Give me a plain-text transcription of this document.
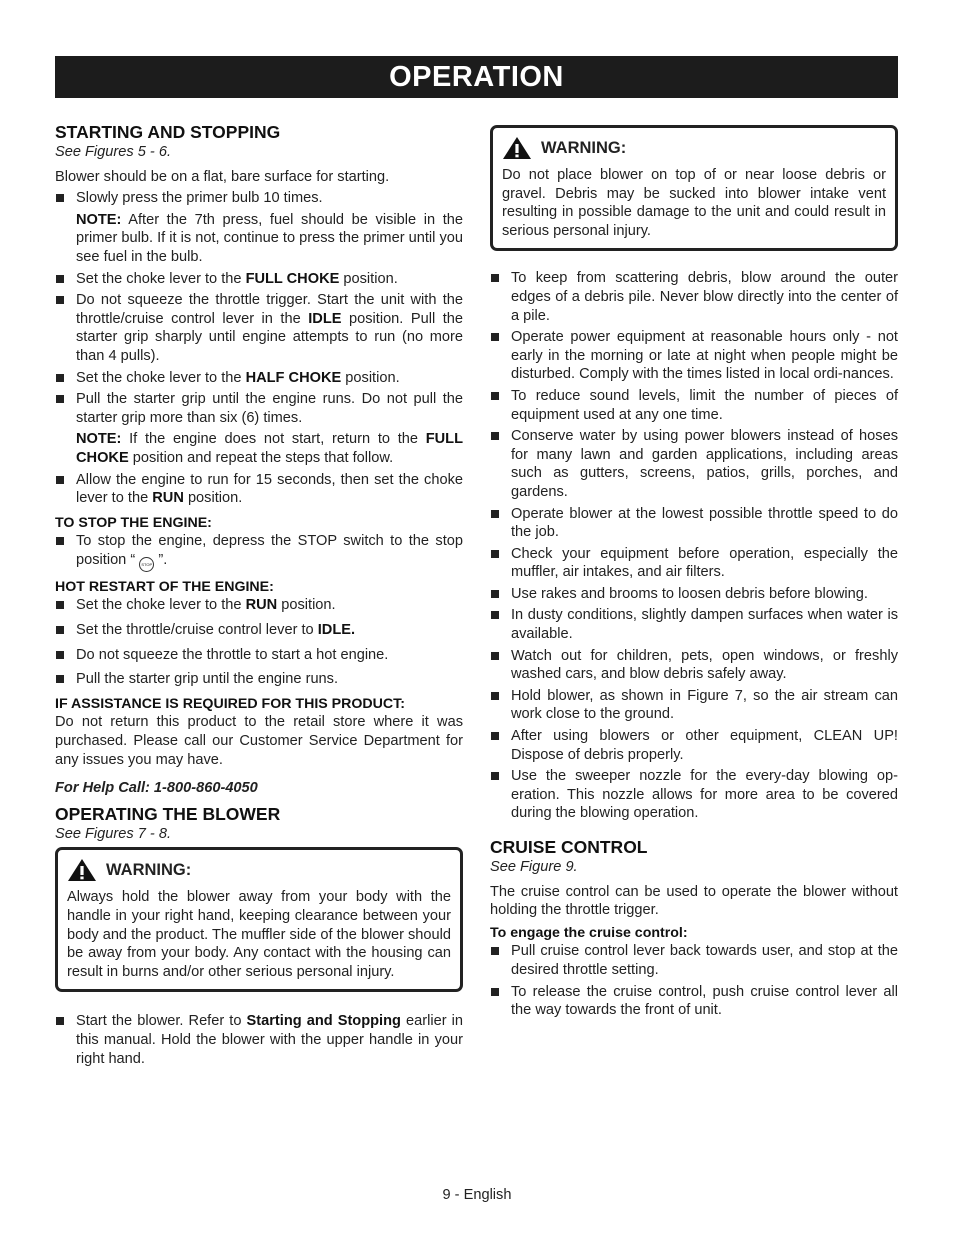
OPERATION

STARTING AND STOPPING

See Figures 5 - 6.

Blower should be on a flat, bare surface for starting.

Slowly press the primer bulb 10 times.
NOTE: After the 7th press, fuel should be visible in the primer bulb. If it is not, continue to press the primer until you see fuel in the bulb.
Set the choke lever to the FULL CHOKE position.
Do not squeeze the throttle trigger. Start the unit with the throttle/cruise control lever in the IDLE position. Pull the starter grip sharply until engine attempts to run (no more than 4 pulls).
Set the choke lever to the HALF CHOKE position.
Pull the starter grip until the engine runs. Do not pull the starter grip more than six (6) times.
NOTE: If the engine does not start, return to the FULL CHOKE position and repeat the steps that follow.
Allow the engine to run for 15 seconds, then set the choke lever to the RUN position.

TO STOP THE ENGINE:

To stop the engine, depress the STOP switch to the stop position “ STOP ”.

HOT RESTART OF THE ENGINE:

Set the choke lever to the RUN position.
Set the throttle/cruise control lever to IDLE.
Do not squeeze the throttle to start a hot engine.
Pull the starter grip until the engine runs.

IF ASSISTANCE IS REQUIRED FOR THIS PRODUCT:

Do not return this product to the retail store where it was purchased. Please call our Customer Service Department for any issues you may have.

For Help Call: 1-800-860-4050

OPERATING THE BLOWER

See Figures 7 - 8.

WARNING:
Always hold the blower away from your body with the handle in your right hand, keeping clearance between your body and the product. The muffler side of the blower should be away from your body. Any contact with the housing can result in burns and/or other serious personal injury.
Start the blower. Refer to Starting and Stopping earlier in this manual. Hold the blower with the upper handle in your right hand.
WARNING:
Do not place blower on top of or near loose debris or gravel. Debris may be sucked into blower intake vent resulting in possible damage to the unit and could result in serious personal injury.
To keep from scattering debris, blow around the outer edges of a debris pile. Never blow directly into the center of a pile.
Operate power equipment at reasonable hours only - not early in the morning or late at night when people might be disturbed. Comply with the times listed in local ordi-nances.
To reduce sound levels, limit the number of pieces of equipment used at any one time.
Conserve water by using power blowers instead of hoses for many lawn and garden applications, including areas such as gutters, screens, patios, grills, porches, and gardens.
Operate blower at the lowest possible throttle speed to do the job.
Check your equipment before operation, especially the muffler, air intakes, and air filters.
Use rakes and brooms to loosen debris before blowing.
In dusty conditions, slightly dampen surfaces when water is available.
Watch out for children, pets, open windows, or freshly washed cars, and blow debris safely away.
Hold blower, as shown in Figure 7, so the air stream can work close to the ground.
After using blowers or other equipment, CLEAN UP! Dispose of debris properly.
Use the sweeper nozzle for the every-day blowing op-eration. This nozzle allows for more area to be covered during the blowing operation.

CRUISE CONTROL

See Figure 9.

The cruise control can be used to operate the blower without holding the throttle trigger.

To engage the cruise control:

Pull cruise control lever back towards user, and stop at the desired throttle setting.
To release the cruise control, push cruise control lever all the way towards the front of unit.
9 - English
